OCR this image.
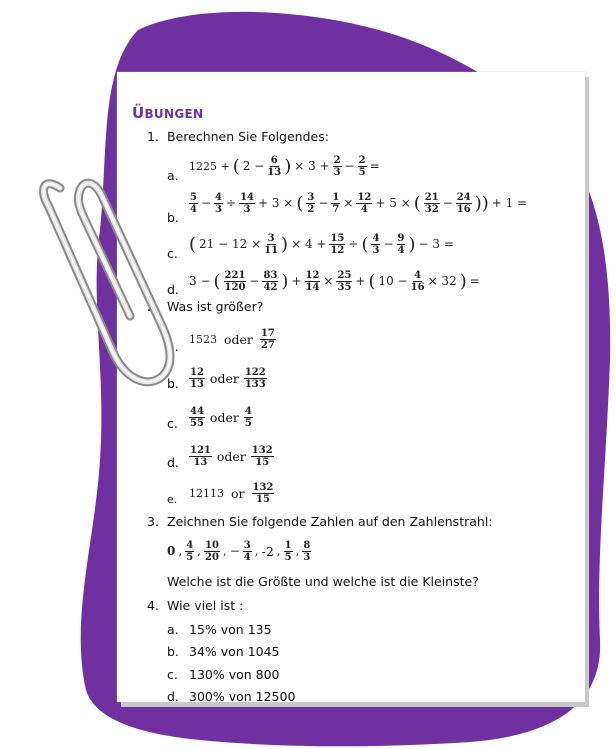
ÜBUNGEN
1. Berechnen Sie Folgendes:
a.
1225 + ( $2 - \frac{6}{13}$ ) × $3 + \frac{2}{3} - \frac{2}{5}$ =
b.
5
$4 - \frac{4}{3} \div \frac{14}{3} + 3$ × ( 3
$2 - \frac{1}{7} \times \frac{12}{4} + 5$ × ( 21
$32 - \frac{24}{16}$ )) + 1 =
c. ( $21 - 12 \times \frac{3}{11}$ ) × $4 + \frac{15}{12}$ ÷ ( 4
$3 - \frac{9}{4}$ ) − 3 =
d.
3 − ( 221
$120 - \frac{83}{42}$ ) + $\frac{12}{14} \times \frac{25}{35}$ + ( $10 - \frac{4}{16} \times 32$ ) =
2. Was ist größer?
a. 1523 oder 17
27
b.
12
13 oder 122
133
c.
44
55 oder 4
5
d.
121
13 oder 132
15
e. 12113 or 132
15
3. Zeichnen Sie folgende Zahlen auf den Zahlenstrahl:
0 , 4
5 , 10
20 , − $\frac{3}{4}$ , -2 , 1
5 , 8
3
Welche ist die Größte und welche ist die Kleinste?
4. Wie viel ist :
a. 15% von 135
b. 34% von 1045
c. 130% von 800
d. 300% von 12500
